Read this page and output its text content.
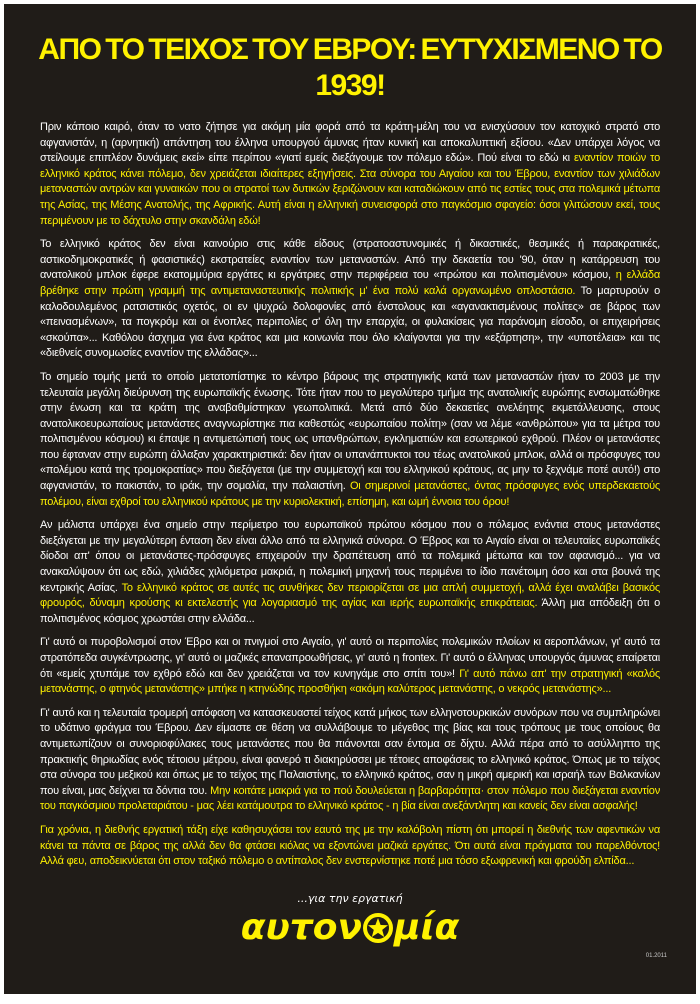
ΑΠΟ ΤΟ ΤΕΙΧΟΣ ΤΟΥ ΕΒΡΟΥ: ΕΥΤΥΧΙΣΜΕΝΟ ΤΟ 1939!

Πριν κάποιο καιρό, όταν το νατο ζήτησε για ακόμη μία φορά από τα κράτη-μέλη του να ενισχύσουν τον κατοχικό στρατό στο αφγανιστάν, η (αρνητική) απάντηση του έλληνα υπουργού άμυνας ήταν κυνική και αποκαλυπτική εξίσου. «Δεν υπάρχει λόγος να στείλουμε επιπλέον δυνάμεις εκεί» είπε περίπου «γιατί εμείς διεξάγουμε τον πόλεμο εδώ». Πού είναι το εδώ κι εναντίον ποιών το ελληνικό κράτος κάνει πόλεμο, δεν χρειάζεται ιδιαίτερες εξηγήσεις. Στα σύνορα του Αιγαίου και του Έβρου, εναντίον των χιλιάδων μεταναστών αντρών και γυναικών που οι στρατοί των δυτικών ξεριζώνουν και καταδιώκουν από τις εστίες τους στα πολεμικά μέτωπα της Ασίας, της Μέσης Ανατολής, της Αφρικής. Αυτή είναι η ελληνική συνεισφορά στο παγκόσμιο σφαγείο: όσοι γλιτώσουν εκεί, τους περιμένουν με το δάχτυλο στην σκανδάλη εδώ!

Το ελληνικό κράτος δεν είναι καινούριο στις κάθε είδους (στρατοαστυνομικές ή δικαστικές, θεσμικές ή παρακρατικές, αστικοδημοκρατικές ή φασιστικές) εκστρατείες εναντίον των μεταναστών. Από την δεκαετία του '90, όταν η κατάρρευση του ανατολικού μπλοκ έφερε εκατομμύρια εργάτες κι εργάτριες στην περιφέρεια του «πρώτου και πολιτισμένου» κόσμου, η ελλάδα βρέθηκε στην πρώτη γραμμή της αντιμεταναστευτικής πολιτικής μ' ένα πολύ καλά οργανωμένο οπλοστάσιο. Το μαρτυρούν ο καλοδουλεμένος ρατσιστικός οχετός, οι εν ψυχρώ δολοφονίες από ένστολους και «αγανακτισμένους πολίτες» σε βάρος των «πεινασμένων», τα πογκρόμ και οι ένοπλες περιπολίες σ' όλη την επαρχία, οι φυλακίσεις για παράνομη είσοδο, οι επιχειρήσεις «σκούπα»... Καθόλου άσχημα για ένα κράτος και μια κοινωνία που όλο κλαίγονται για την «εξάρτηση», την «υποτέλεια» και τις «διεθνείς συνομωσίες εναντίον της ελλάδας»...

Το σημείο τομής μετά το οποίο μετατοπίστηκε το κέντρο βάρους της στρατηγικής κατά των μεταναστών ήταν το 2003 με την τελευταία μεγάλη διεύρυνση της ευρωπαϊκής ένωσης. Τότε ήταν που το μεγαλύτερο τμήμα της ανατολικής ευρώπης ενσωματώθηκε στην ένωση και τα κράτη της αναβαθμίστηκαν γεωπολιτικά. Μετά από δύο δεκαετίες ανελέητης εκμετάλλευσης, στους ανατολικοευρωπαίους μετανάστες αναγνωρίστηκε πια καθεστώς «ευρωπαίου πολίτη» (σαν να λέμε «ανθρώπου» για τα μέτρα του πολιτισμένου κόσμου) κι έπαψε η αντιμετώπισή τους ως υπανθρώπων, εγκληματιών και εσωτερικού εχθρού. Πλέον οι μετανάστες που έφταναν στην ευρώπη άλλαξαν χαρακτηριστικά: δεν ήταν οι υπανάπτυκτοι του τέως ανατολικού μπλοκ, αλλά οι πρόσφυγες του «πολέμου κατά της τρομοκρατίας» που διεξάγεται (με την συμμετοχή και του ελληνικού κράτους, ας μην το ξεχνάμε ποτέ αυτό!) στο αφγανιστάν, το πακιστάν, το ιράκ, την σομαλία, την παλαιστίνη. Οι σημερινοί μετανάστες, όντας πρόσφυγες ενός υπερδεκαετούς πολέμου, είναι εχθροί του ελληνικού κράτους με την κυριολεκτική, επίσημη, και ωμή έννοια του όρου!

Αν μάλιστα υπάρχει ένα σημείο στην περίμετρο του ευρωπαϊκού πρώτου κόσμου που ο πόλεμος ενάντια στους μετανάστες διεξάγεται με την μεγαλύτερη ένταση δεν είναι άλλο από τα ελληνικά σύνορα. Ο Έβρος και το Αιγαίο είναι οι τελευταίες ευρωπαϊκές δίοδοι απ' όπου οι μετανάστες-πρόσφυγες επιχειρούν την δραπέτευση από τα πολεμικά μέτωπα και τον αφανισμό... για να ανακαλύψουν ότι ως εδώ, χιλιάδες χιλιόμετρα μακριά, η πολεμική μηχανή τους περιμένει το ίδιο πανέτοιμη όσο και στα βουνά της κεντρικής Ασίας. Το ελληνικό κράτος σε αυτές τις συνθήκες δεν περιορίζεται σε μια απλή συμμετοχή, αλλά έχει αναλάβει βασικός φρουρός, δύναμη κρούσης κι εκτελεστής για λογαριασμό της αγίας και ιερής ευρωπαϊκής επικράτειας. Άλλη μια απόδειξη ότι ο πολιτισμένος κόσμος χρωστάει στην ελλάδα...

Γι' αυτό οι πυροβολισμοί στον Έβρο και οι πνιγμοί στο Αιγαίο, γι' αυτό οι περιπολίες πολεμικών πλοίων κι αεροπλάνων, γι' αυτό τα στρατόπεδα συγκέντρωσης, γι' αυτό οι μαζικές επαναπροωθήσεις, γι' αυτό η frontex. Γι' αυτό ο έλληνας υπουργός άμυνας επαίρεται ότι «εμείς χτυπάμε τον εχθρό εδώ και δεν χρειάζεται να τον κυνηγάμε στο σπίτι του»! Γι' αυτό πάνω απ' την στρατηγική «καλός μετανάστης, ο φτηνός μετανάστης» μπήκε η κτηνώδης προσθήκη «ακόμη καλύτερος μετανάστης, ο νεκρός μετανάστης»...

Γι' αυτό και η τελευταία τρομερή απόφαση να κατασκευαστεί τείχος κατά μήκος των ελληνοτουρκικών συνόρων που να συμπληρώνει το υδάτινο φράγμα του Έβρου. Δεν είμαστε σε θέση να συλλάβουμε το μέγεθος της βίας και τους τρόπους με τους οποίους θα αντιμετωπίζουν οι συνοριοφύλακες τους μετανάστες που θα πιάνονται σαν έντομα σε δίχτυ. Αλλά πέρα από το ασύλληπτο της πρακτικής θηριωδίας ενός τέτοιου μέτρου, είναι φανερό τι διακηρύσσει με τέτοιες αποφάσεις το ελληνικό κράτος. Όπως με το τείχος στα σύνορα του μεξικού και όπως με το τείχος της Παλαιστίνης, το ελληνικό κράτος, σαν η μικρή αμερική και ισραήλ των Βαλκανίων που είναι, μας δείχνει τα δόντια του. Μην κοιτάτε μακριά για το πού δουλεύεται η βαρβαρότητα· στον πόλεμο που διεξάγεται εναντίον του παγκόσμιου προλεταριάτου - μας λέει κατάμουτρα το ελληνικό κράτος - η βία είναι ανεξάντλητη και κανείς δεν είναι ασφαλής!

Για χρόνια, η διεθνής εργατική τάξη είχε καθησυχάσει τον εαυτό της με την καλόβολη πίστη ότι μπορεί η διεθνής των αφεντικών να κάνει τα πάντα σε βάρος της αλλά δεν θα φτάσει κιόλας να εξοντώνει μαζικά εργάτες. Ότι αυτά είναι πράγματα του παρελθόντος! Αλλά φευ, αποδεικνύεται ότι στον ταξικό πόλεμο ο αντίπαλος δεν ενστερνίστηκε ποτέ μια τόσο εξωφρενική και φρούδη ελπίδα...

...για την εργατική
αυτον μία
01.2011
